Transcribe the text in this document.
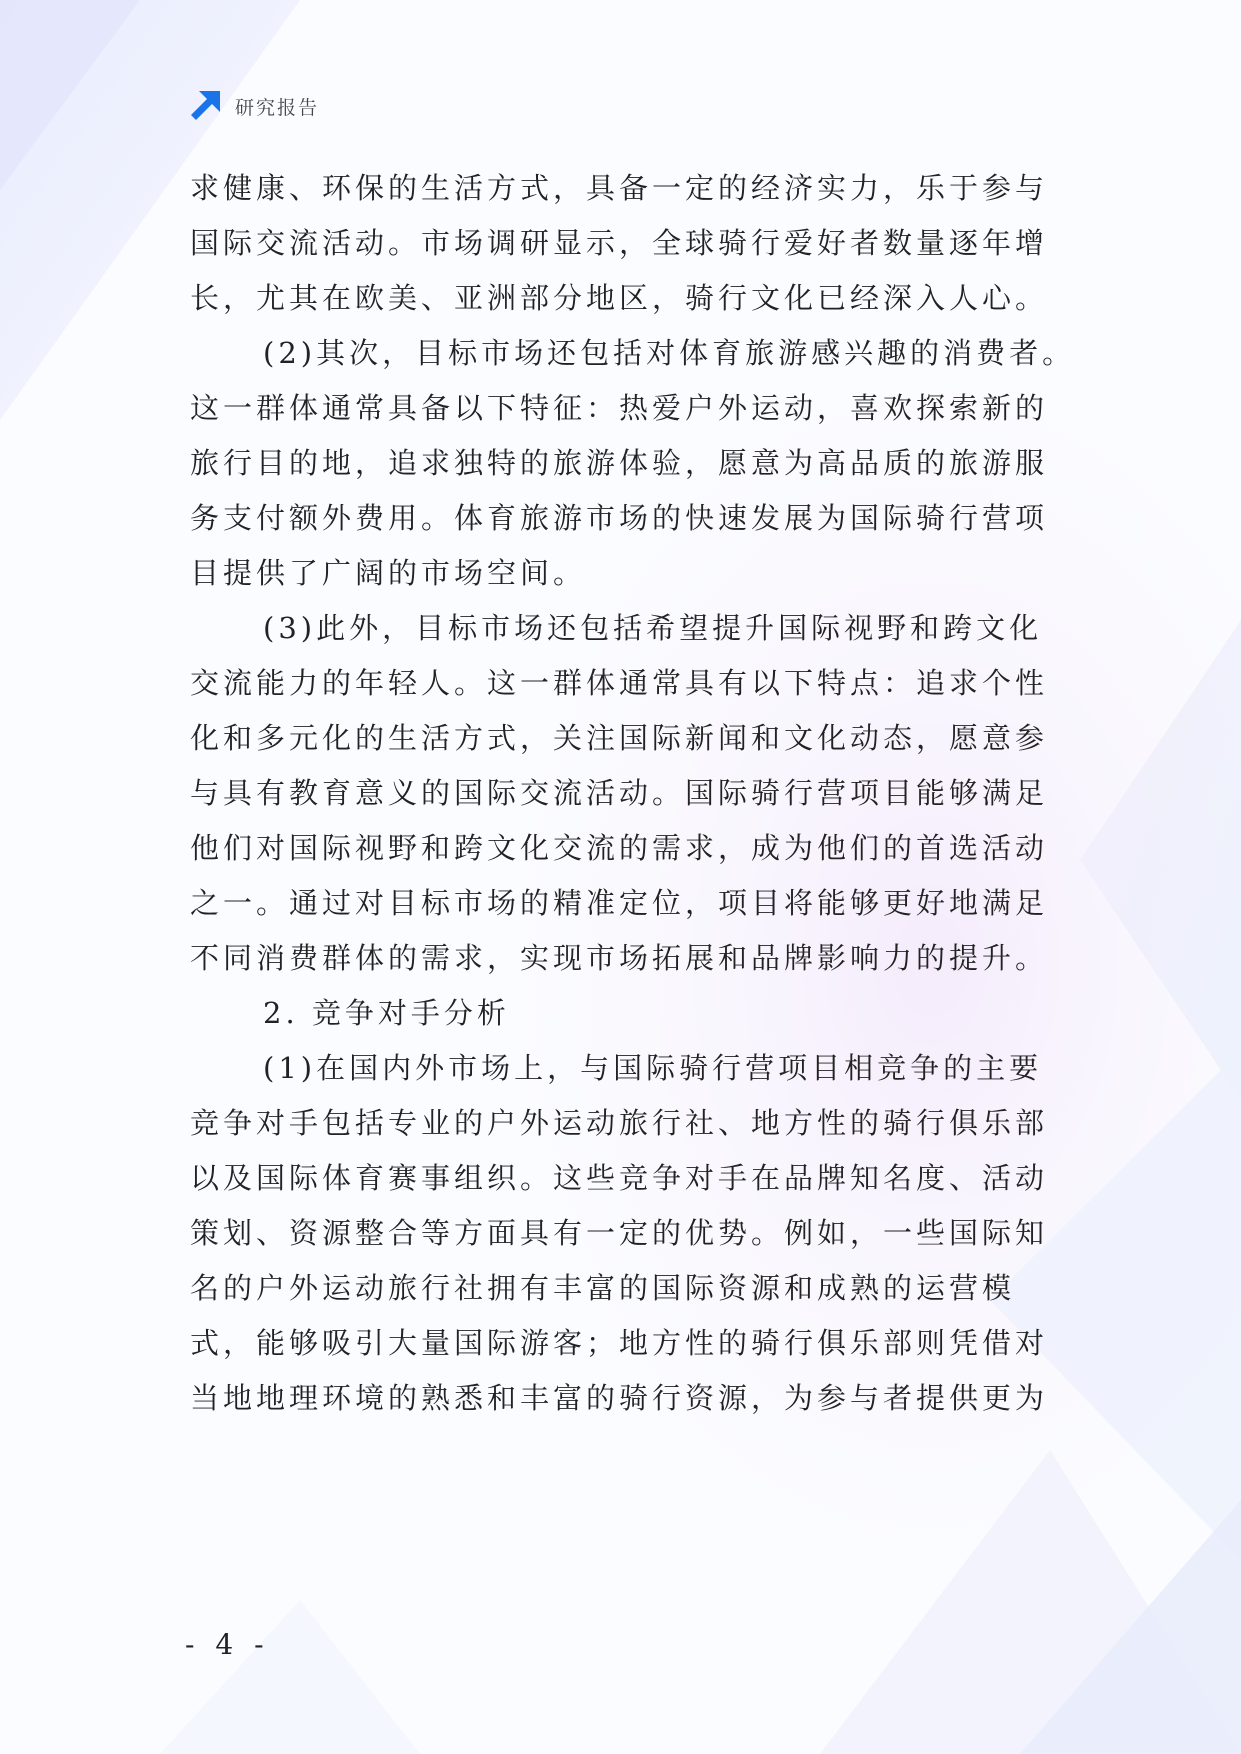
研究报告
求健康、环保的生活方式，具备一定的经济实力，乐于参与
国际交流活动。市场调研显示，全球骑行爱好者数量逐年增
长，尤其在欧美、亚洲部分地区，骑行文化已经深入人心。
(2)其次，目标市场还包括对体育旅游感兴趣的消费者。
这一群体通常具备以下特征：热爱户外运动，喜欢探索新的
旅行目的地，追求独特的旅游体验，愿意为高品质的旅游服
务支付额外费用。体育旅游市场的快速发展为国际骑行营项
目提供了广阔的市场空间。
(3)此外，目标市场还包括希望提升国际视野和跨文化
交流能力的年轻人。这一群体通常具有以下特点：追求个性
化和多元化的生活方式，关注国际新闻和文化动态，愿意参
与具有教育意义的国际交流活动。国际骑行营项目能够满足
他们对国际视野和跨文化交流的需求，成为他们的首选活动
之一。通过对目标市场的精准定位，项目将能够更好地满足
不同消费群体的需求，实现市场拓展和品牌影响力的提升。
2. 竞争对手分析
(1)在国内外市场上，与国际骑行营项目相竞争的主要
竞争对手包括专业的户外运动旅行社、地方性的骑行俱乐部
以及国际体育赛事组织。这些竞争对手在品牌知名度、活动
策划、资源整合等方面具有一定的优势。例如，一些国际知
名的户外运动旅行社拥有丰富的国际资源和成熟的运营模
式，能够吸引大量国际游客；地方性的骑行俱乐部则凭借对
当地地理环境的熟悉和丰富的骑行资源，为参与者提供更为
- 4 -
